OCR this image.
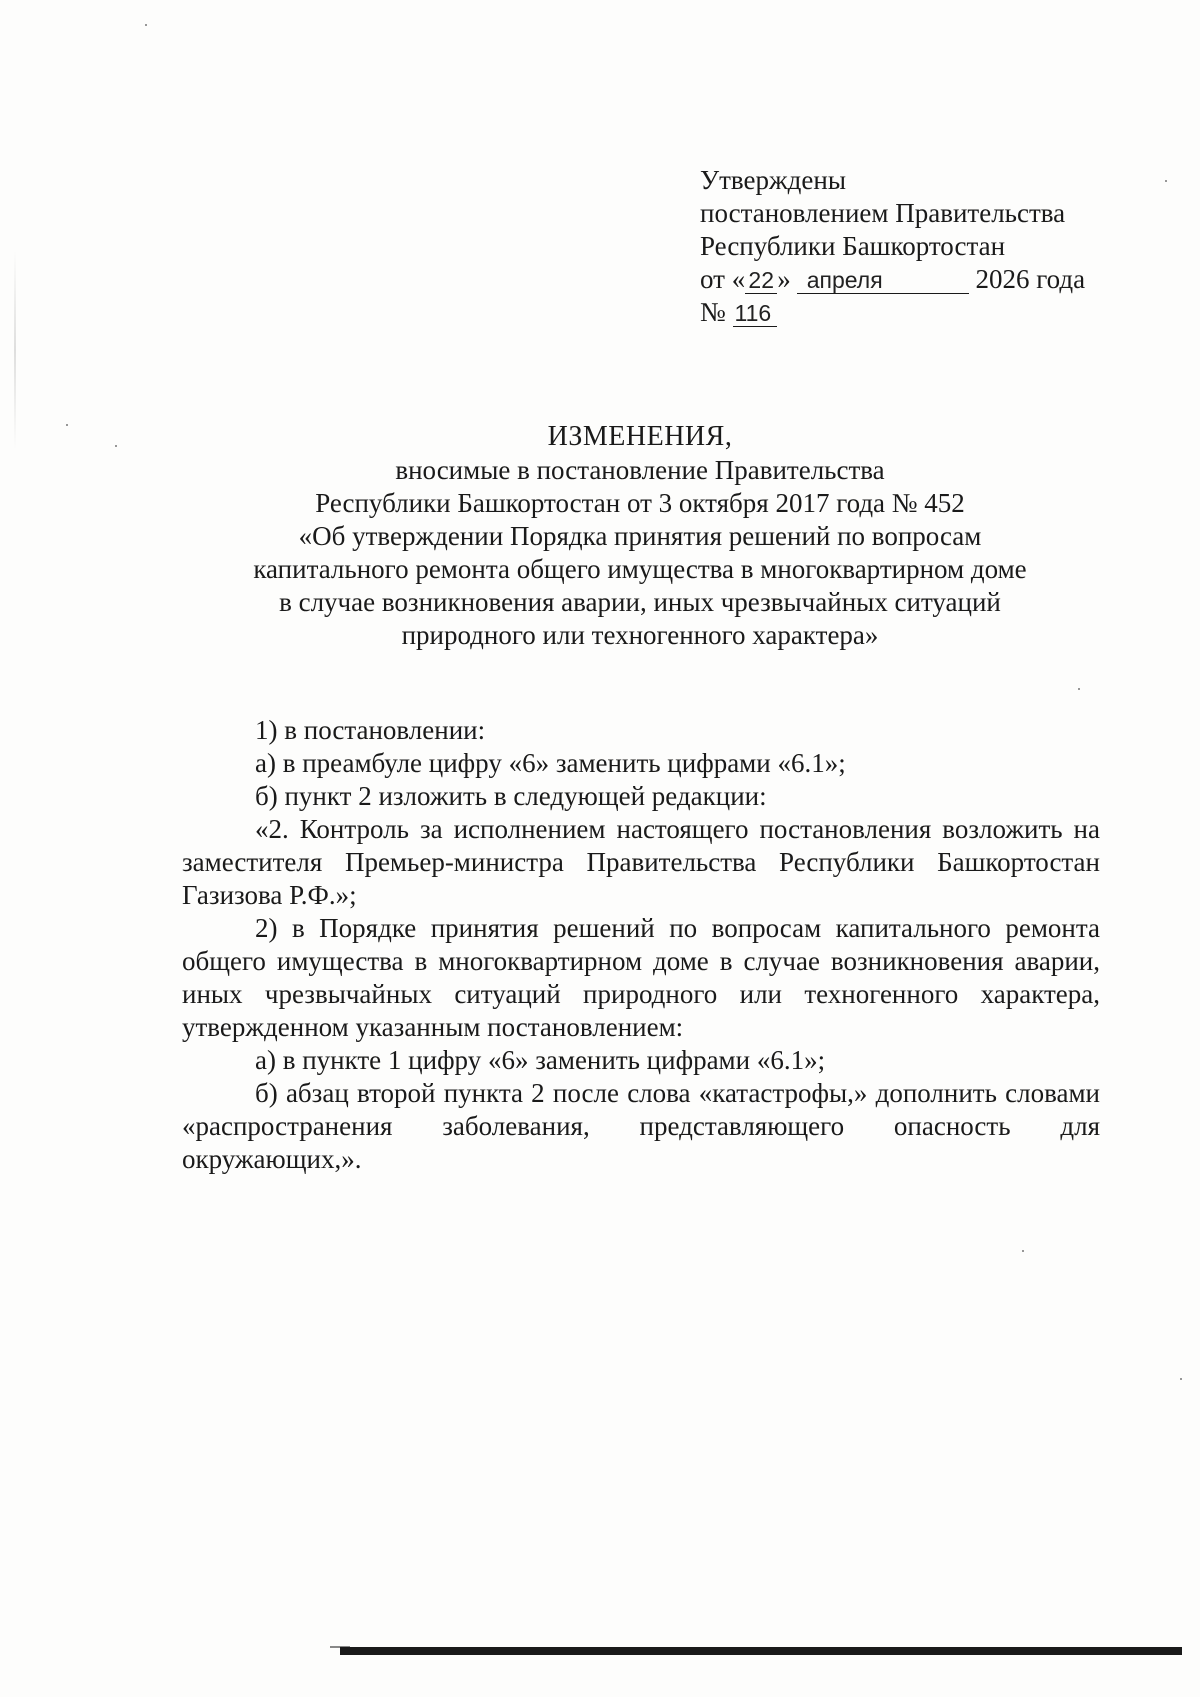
Утверждены
постановлением Правительства
Республики Башкортостан
от « 22 » апреля	2026 года
№ 116
ИЗМЕНЕНИЯ,
вносимые в постановление Правительства
Республики Башкортостан от 3 октября 2017 года № 452
«Об утверждении Порядка принятия решений по вопросам
капитального ремонта общего имущества в многоквартирном доме
в случае возникновения аварии, иных чрезвычайных ситуаций
природного или техногенного характера»

1) в постановлении:

а) в преамбуле цифру «6» заменить цифрами «6.1»;

б) пункт 2 изложить в следующей редакции:

«2. Контроль за исполнением настоящего постановления возложить на заместителя Премьер-министра Правительства Республики Башкортостан Газизова Р.Ф.»;

2) в Порядке принятия решений по вопросам капитального ремонта общего имущества в многоквартирном доме в случае возникновения аварии, иных чрезвычайных ситуаций природного или техногенного характера, утвержденном указанным постановлением:

а) в пункте 1 цифру «6» заменить цифрами «6.1»;

б) абзац второй пункта 2 после слова «катастрофы,» дополнить словами «распространения заболевания, представляющего опасность для окружающих,».
